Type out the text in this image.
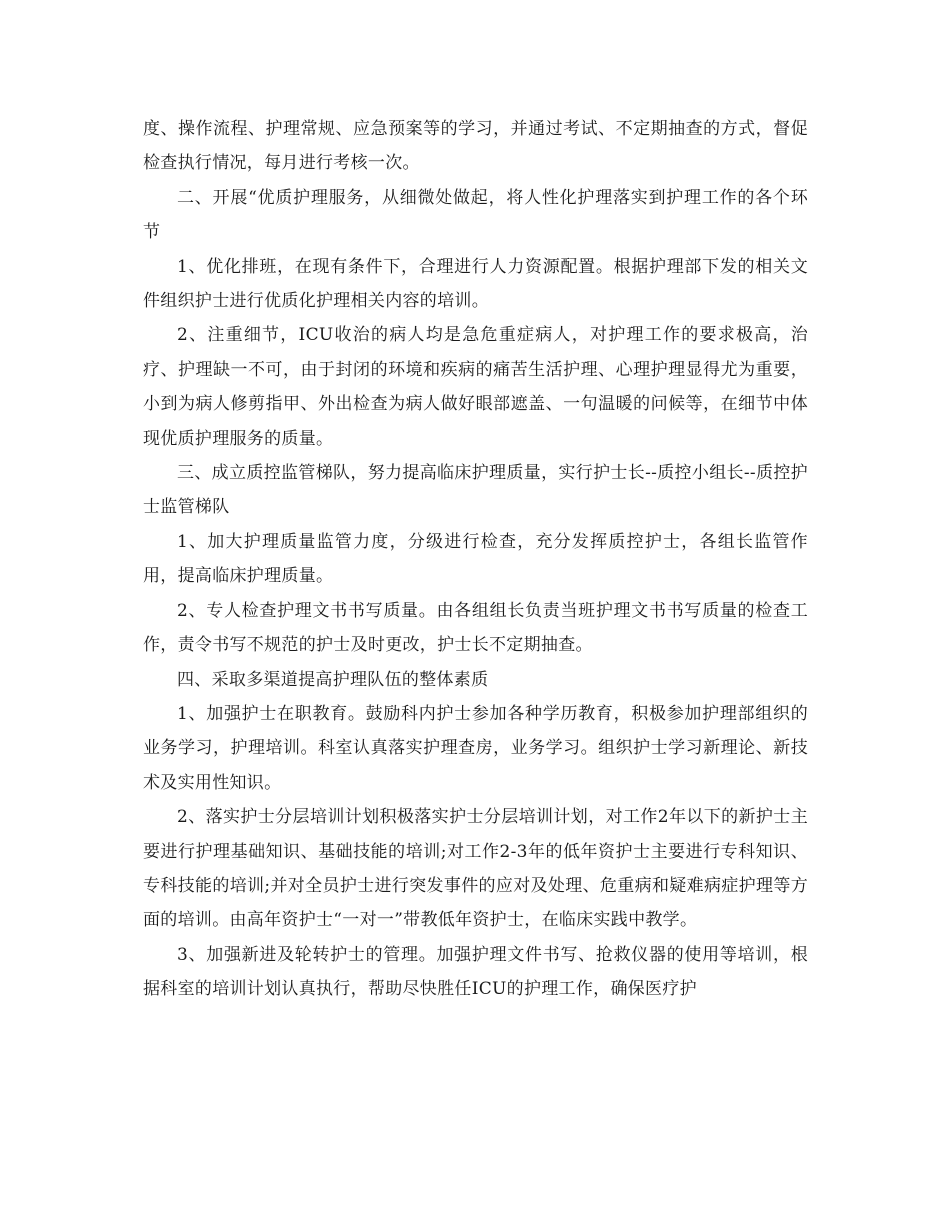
度、操作流程、护理常规、应急预案等的学习，并通过考试、不定期抽查的方式，督促检查执行情况，每月进行考核一次。

二、开展“优质护理服务，从细微处做起，将人性化护理落实到护理工作的各个环节

1、优化排班，在现有条件下，合理进行人力资源配置。根据护理部下发的相关文件组织护士进行优质化护理相关内容的培训。

2、注重细节，ICU收治的病人均是急危重症病人，对护理工作的要求极高，治疗、护理缺一不可，由于封闭的环境和疾病的痛苦生活护理、心理护理显得尤为重要，小到为病人修剪指甲、外出检查为病人做好眼部遮盖、一句温暖的问候等，在细节中体现优质护理服务的质量。

三、成立质控监管梯队，努力提高临床护理质量，实行护士长--质控小组长--质控护士监管梯队

1、加大护理质量监管力度，分级进行检查，充分发挥质控护士，各组长监管作用，提高临床护理质量。

2、专人检查护理文书书写质量。由各组组长负责当班护理文书书写质量的检查工作，责令书写不规范的护士及时更改，护士长不定期抽查。

四、采取多渠道提高护理队伍的整体素质

1、加强护士在职教育。鼓励科内护士参加各种学历教育，积极参加护理部组织的业务学习，护理培训。科室认真落实护理查房，业务学习。组织护士学习新理论、新技术及实用性知识。

2、落实护士分层培训计划积极落实护士分层培训计划，对工作2年以下的新护士主要进行护理基础知识、基础技能的培训;对工作2-3年的低年资护士主要进行专科知识、专科技能的培训;并对全员护士进行突发事件的应对及处理、危重病和疑难病症护理等方面的培训。由高年资护士“一对一”带教低年资护士，在临床实践中教学。

3、加强新进及轮转护士的管理。加强护理文件书写、抢救仪器的使用等培训，根据科室的培训计划认真执行，帮助尽快胜任ICU的护理工作，确保医疗护
